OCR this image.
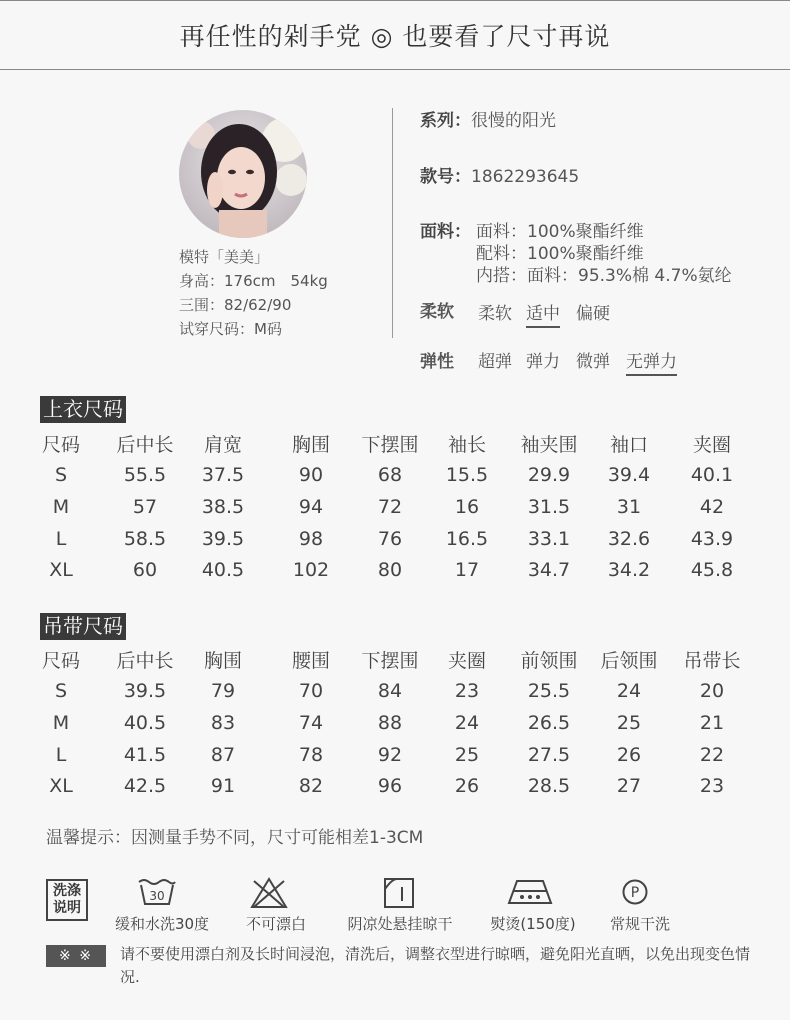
再任性的剁手党 ◎ 也要看了尺寸再说
模特「美美」
身高：176cm　54kg
三围：82/62/90
试穿尺码：M码
系列：很慢的阳光
款号：1862293645
面料： 面料：100%聚酯纤维
配料：100%聚酯纤维
内搭：面料：95.3%棉 4.7%氨纶
柔软 柔软 适中 偏硬
弹性 超弹 弹力 微弹 无弹力
上衣尺码
尺码	后中长	肩宽	胸围	下摆围	袖长	袖夹围	袖口	夹圈
S	55.5	37.5	90	68	15.5	29.9	39.4	40.1
M	57	38.5	94	72	16	31.5	31	42
L	58.5	39.5	98	76	16.5	33.1	32.6	43.9
XL	60	40.5	102	80	17	34.7	34.2	45.8
吊带尺码
尺码	后中长	胸围	腰围	下摆围	夹圈	前领围	后领围	吊带长
S	39.5	79	70	84	23	25.5	24	20
M	40.5	83	74	88	24	26.5	25	21
L	41.5	87	78	92	25	27.5	26	22
XL	42.5	91	82	96	26	28.5	27	23
温馨提示：因测量手势不同，尺寸可能相差1-3CM
洗涤
说明
30
缓和水洗30度	不可漂白	阴凉处悬挂晾干	熨烫(150度)
P
常规干洗
※ ※	请不要使用漂白剂及长时间浸泡，清洗后，调整衣型进行晾晒，避免阳光直晒，以免出现变色情况.
